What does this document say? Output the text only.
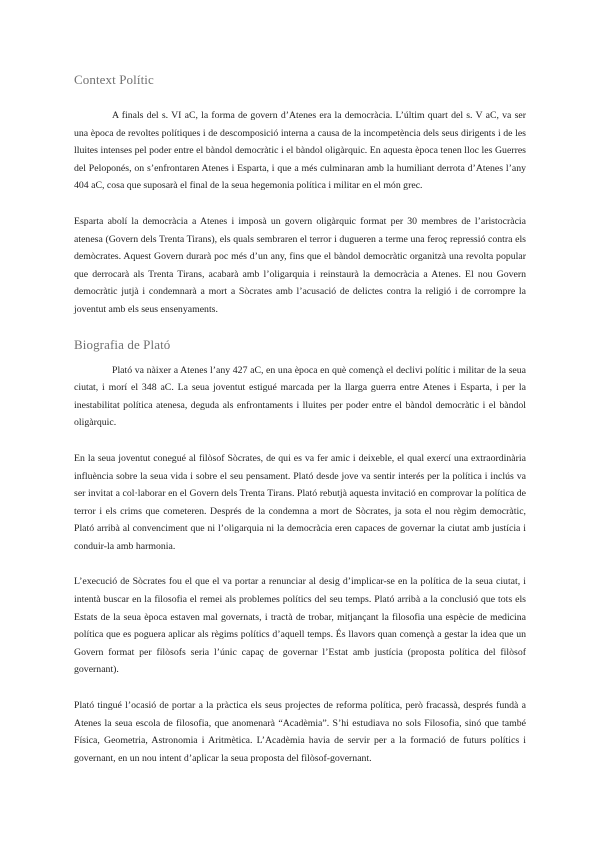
Context Polític

A finals del s. VI aC, la forma de govern d’Atenes era la democràcia. L’últim quart del s. V aC, va ser una època de revoltes polítiques i de descomposició interna a causa de la incompetència dels seus dirigents i de les lluites intenses pel poder entre el bàndol democràtic i el bàndol oligàrquic. En aquesta època tenen lloc les Guerres del Peloponés, on s’enfrontaren Atenes i Esparta, i que a més culminaran amb la humiliant derrota d’Atenes l’any 404 aC, cosa que suposarà el final de la seua hegemonia política i militar en el món grec.

Esparta abolí la democràcia a Atenes i imposà un govern oligàrquic format per 30 membres de l’aristocràcia atenesa (Govern dels Trenta Tirans), els quals sembraren el terror i dugueren a terme una feroç repressió contra els demòcrates. Aquest Govern durarà poc més d’un any, fins que el bàndol democràtic organitzà una revolta popular que derrocarà als Trenta Tirans, acabarà amb l’oligarquia i reinstaurà la democràcia a Atenes. El nou Govern democràtic jutjà i condemnarà a mort a Sòcrates amb l’acusació de delictes contra la religió i de corrompre la joventut amb els seus ensenyaments.

Biografia de Plató

Plató va nàixer a Atenes l’any 427 aC, en una època en què començà el declivi polític i militar de la seua ciutat, i morí el 348 aC. La seua joventut estigué marcada per la llarga guerra entre Atenes i Esparta, i per la inestabilitat política atenesa, deguda als enfrontaments i lluites per poder entre el bàndol democràtic i el bàndol oligàrquic.

En la seua joventut conegué al filòsof Sòcrates, de qui es va fer amic i deixeble, el qual exercí una extraordinària influència sobre la seua vida i sobre el seu pensament. Plató desde jove va sentir interés per la política i inclús va ser invitat a col·laborar en el Govern dels Trenta Tirans. Plató rebutjà aquesta invitació en comprovar la política de terror i els crims que cometeren. Després de la condemna a mort de Sòcrates, ja sota el nou règim democràtic, Plató arribà al convenciment que ni l’oligarquia ni la democràcia eren capaces de governar la ciutat amb justícia i conduir-la amb harmonia.

L’execució de Sòcrates fou el que el va portar a renunciar al desig d’implicar-se en la política de la seua ciutat, i intentà buscar en la filosofia el remei als problemes polítics del seu temps. Plató arribà a la conclusió que tots els Estats de la seua època estaven mal governats, i tractà de trobar, mitjançant la filosofia una espècie de medicina política que es poguera aplicar als règims polítics d’aquell temps. És llavors quan començà a gestar la idea que un Govern format per filòsofs seria l’únic capaç de governar l’Estat amb justícia (proposta política del filòsof governant).

Plató tingué l’ocasió de portar a la pràctica els seus projectes de reforma política, però fracassà, després fundà a Atenes la seua escola de filosofia, que anomenarà “Acadèmia”. S’hi estudiava no sols Filosofia, sinó que també Física, Geometria, Astronomia i Aritmètica. L’Acadèmia havia de servir per a la formació de futurs polítics i governant, en un nou intent d’aplicar la seua proposta del filòsof-governant.
